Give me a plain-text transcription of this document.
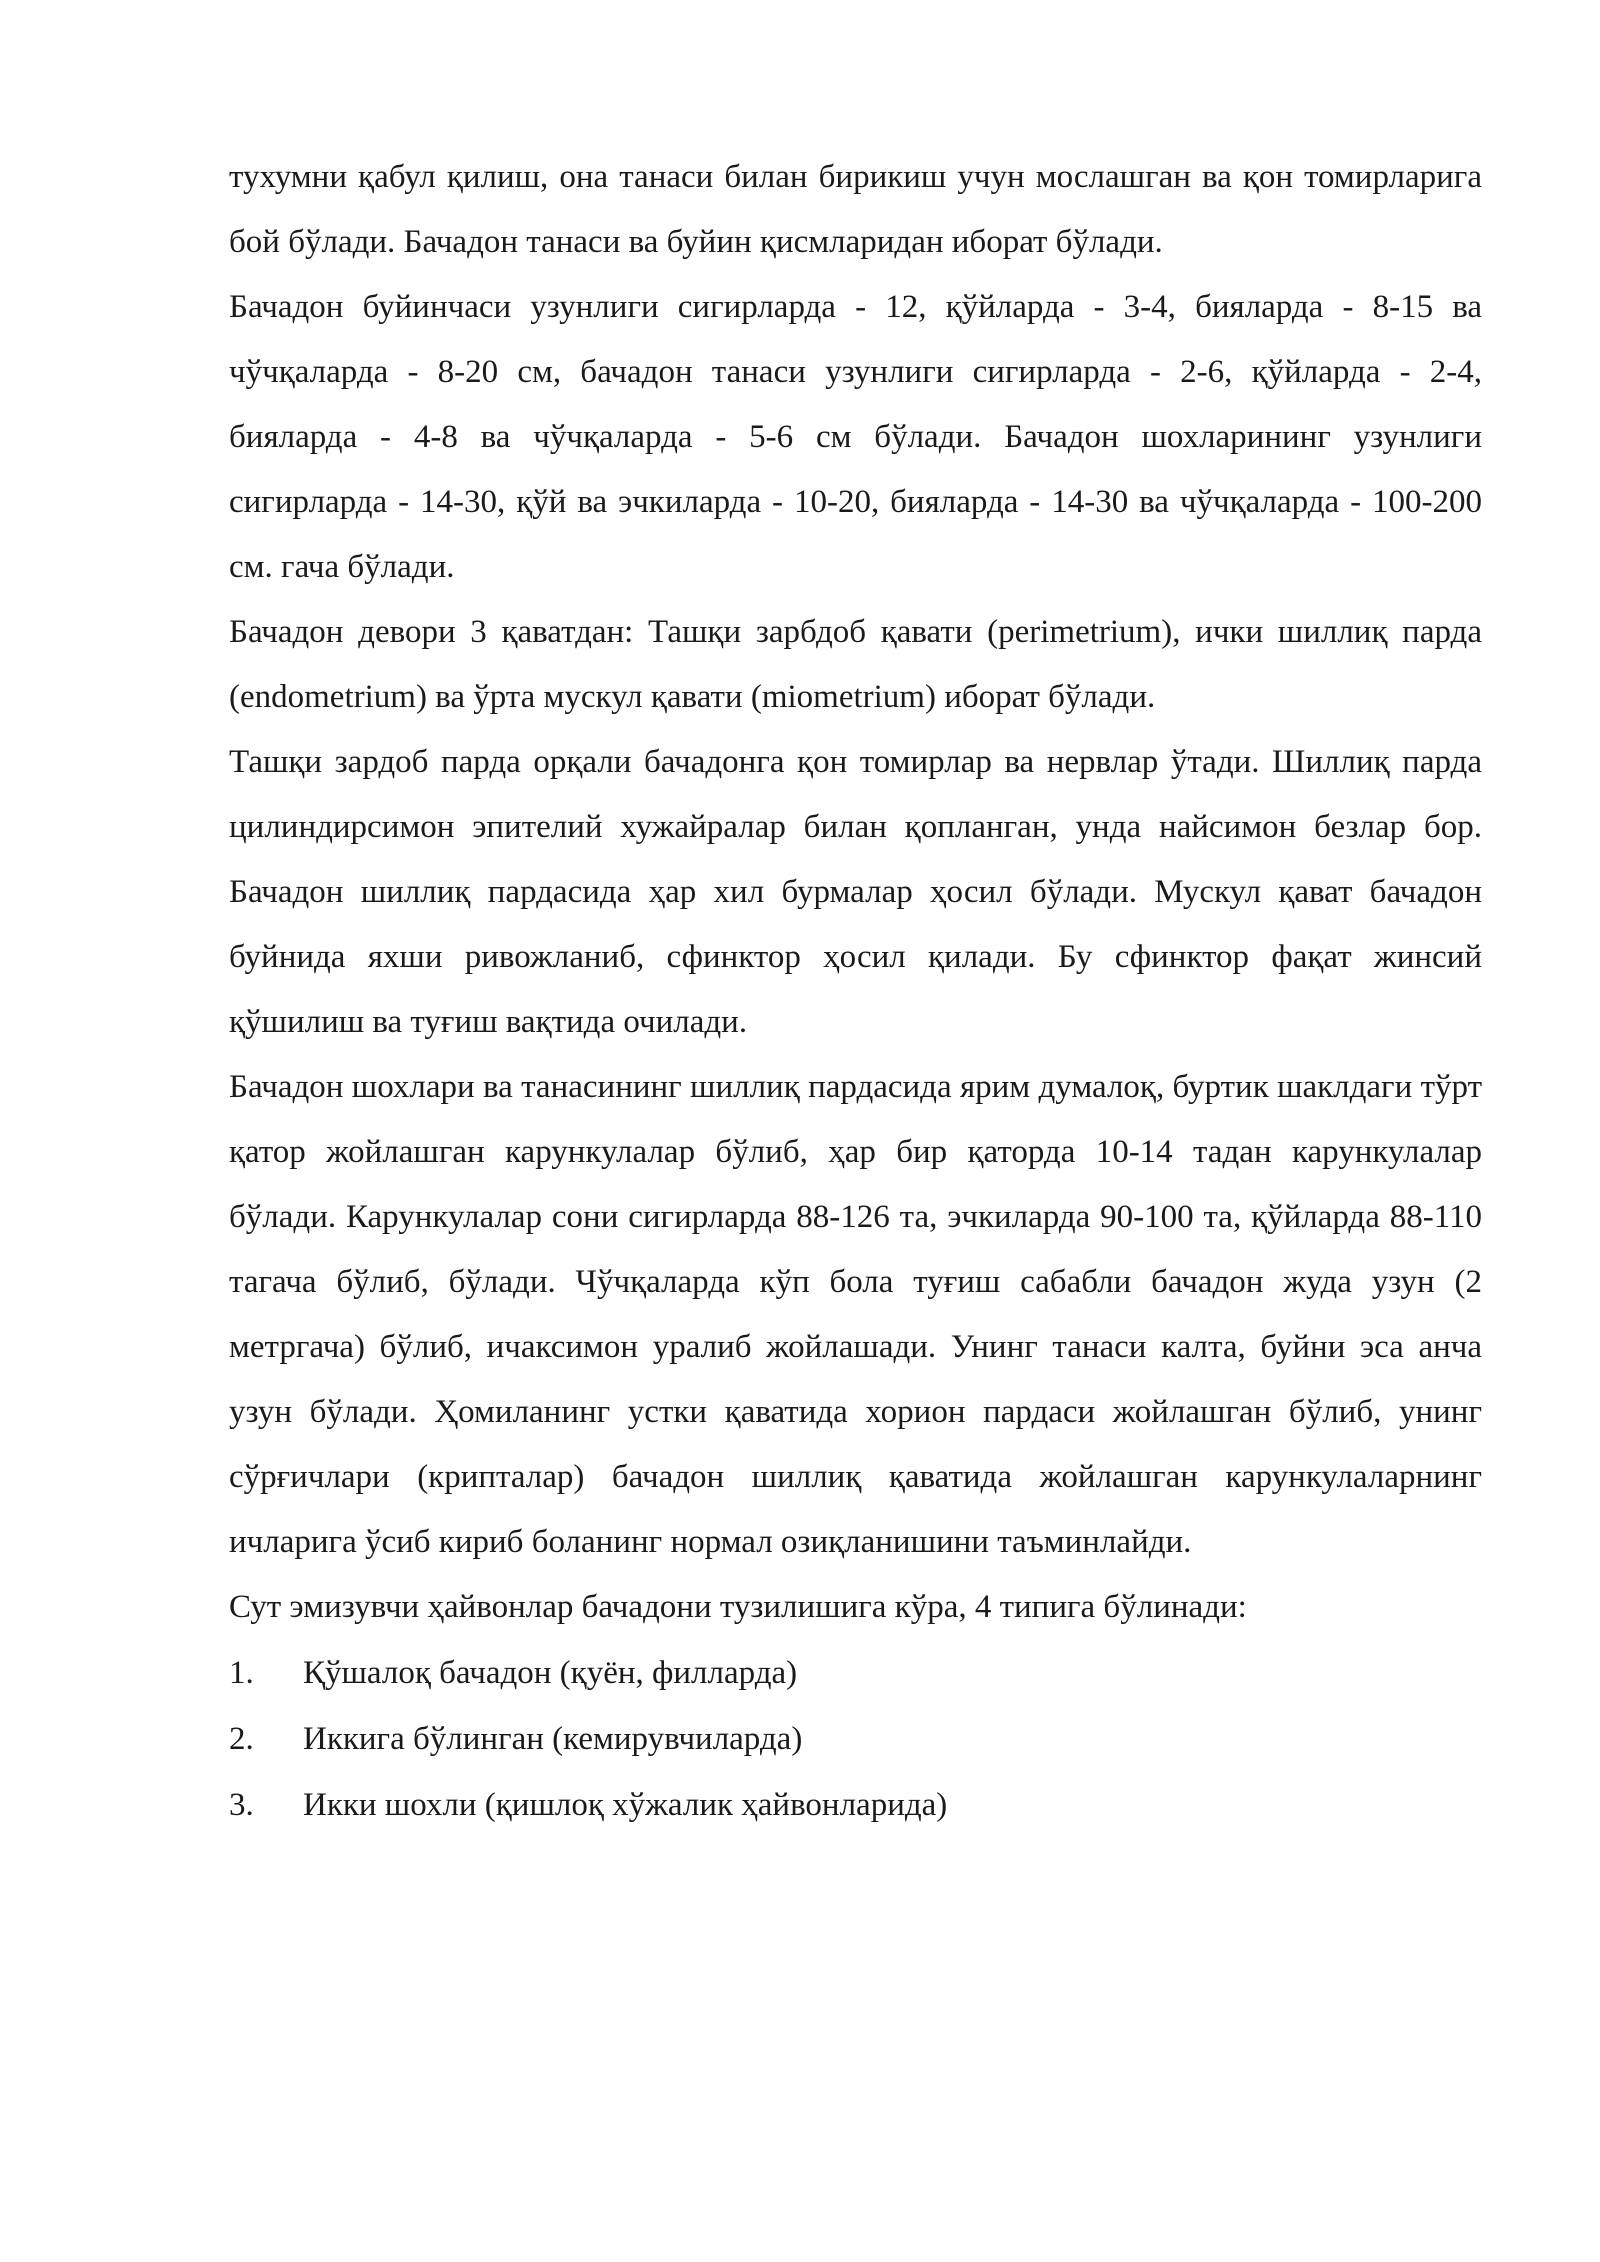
тухумни қабул қилиш, она танаси билан бирикиш учун мослашган ва қон томирларига бой бўлади. Бачадон танаси ва буйин қисмларидан иборат бўлади.

Бачадон буйинчаси узунлиги сигирларда - 12, қўйларда - 3-4, бияларда - 8-15 ва чўчқаларда - 8-20 см, бачадон танаси узунлиги сигирларда - 2-6, қўйларда - 2-4, бияларда - 4-8 ва чўчқаларда - 5-6 см бўлади. Бачадон шохларининг узунлиги сигирларда - 14-30, қўй ва эчкиларда - 10-20, бияларда - 14-30 ва чўчқаларда - 100-200 см. гача бўлади.

Бачадон девори 3 қаватдан: Ташқи зарбдоб қавати (perimetrium), ички шиллиқ парда (endometrium) ва ўрта мускул қавати (miometrium) иборат бўлади.

Ташқи зардоб парда орқали бачадонга қон томирлар ва нервлар ўтади. Шиллиқ парда цилиндирсимон эпителий хужайралар билан қопланган, унда найсимон безлар бор. Бачадон шиллиқ пардасида ҳар хил бурмалар ҳосил бўлади. Мускул қават бачадон буйнида яхши ривожланиб, сфинктор ҳосил қилади. Бу сфинктор фақат жинсий қўшилиш ва туғиш вақтида очилади.

Бачадон шохлари ва танасининг шиллиқ пардасида ярим думалоқ, буртик шаклдаги тўрт қатор жойлашган карункулалар бўлиб, ҳар бир қаторда 10-14 тадан карункулалар бўлади. Карункулалар сони сигирларда 88-126 та, эчкиларда 90-100 та, қўйларда 88-110 тагача бўлиб, бўлади. Чўчқаларда кўп бола туғиш сабабли бачадон жуда узун (2 метргача) бўлиб, ичаксимон уралиб жойлашади. Унинг танаси калта, буйни эса анча узун бўлади. Ҳомиланинг устки қаватида хорион пардаси жойлашган бўлиб, унинг сўрғичлари (крипталар) бачадон шиллиқ қаватида жойлашган карункулаларнинг ичларига ўсиб кириб боланинг нормал озиқланишини таъминлайди.

Сут эмизувчи ҳайвонлар бачадони тузилишига кўра, 4 типига бўлинади:

1.	Қўшалоқ бачадон (қуён, филларда)
2.	Иккига бўлинган (кемирувчиларда)
3.	Икки шохли (қишлоқ хўжалик ҳайвонларида)
